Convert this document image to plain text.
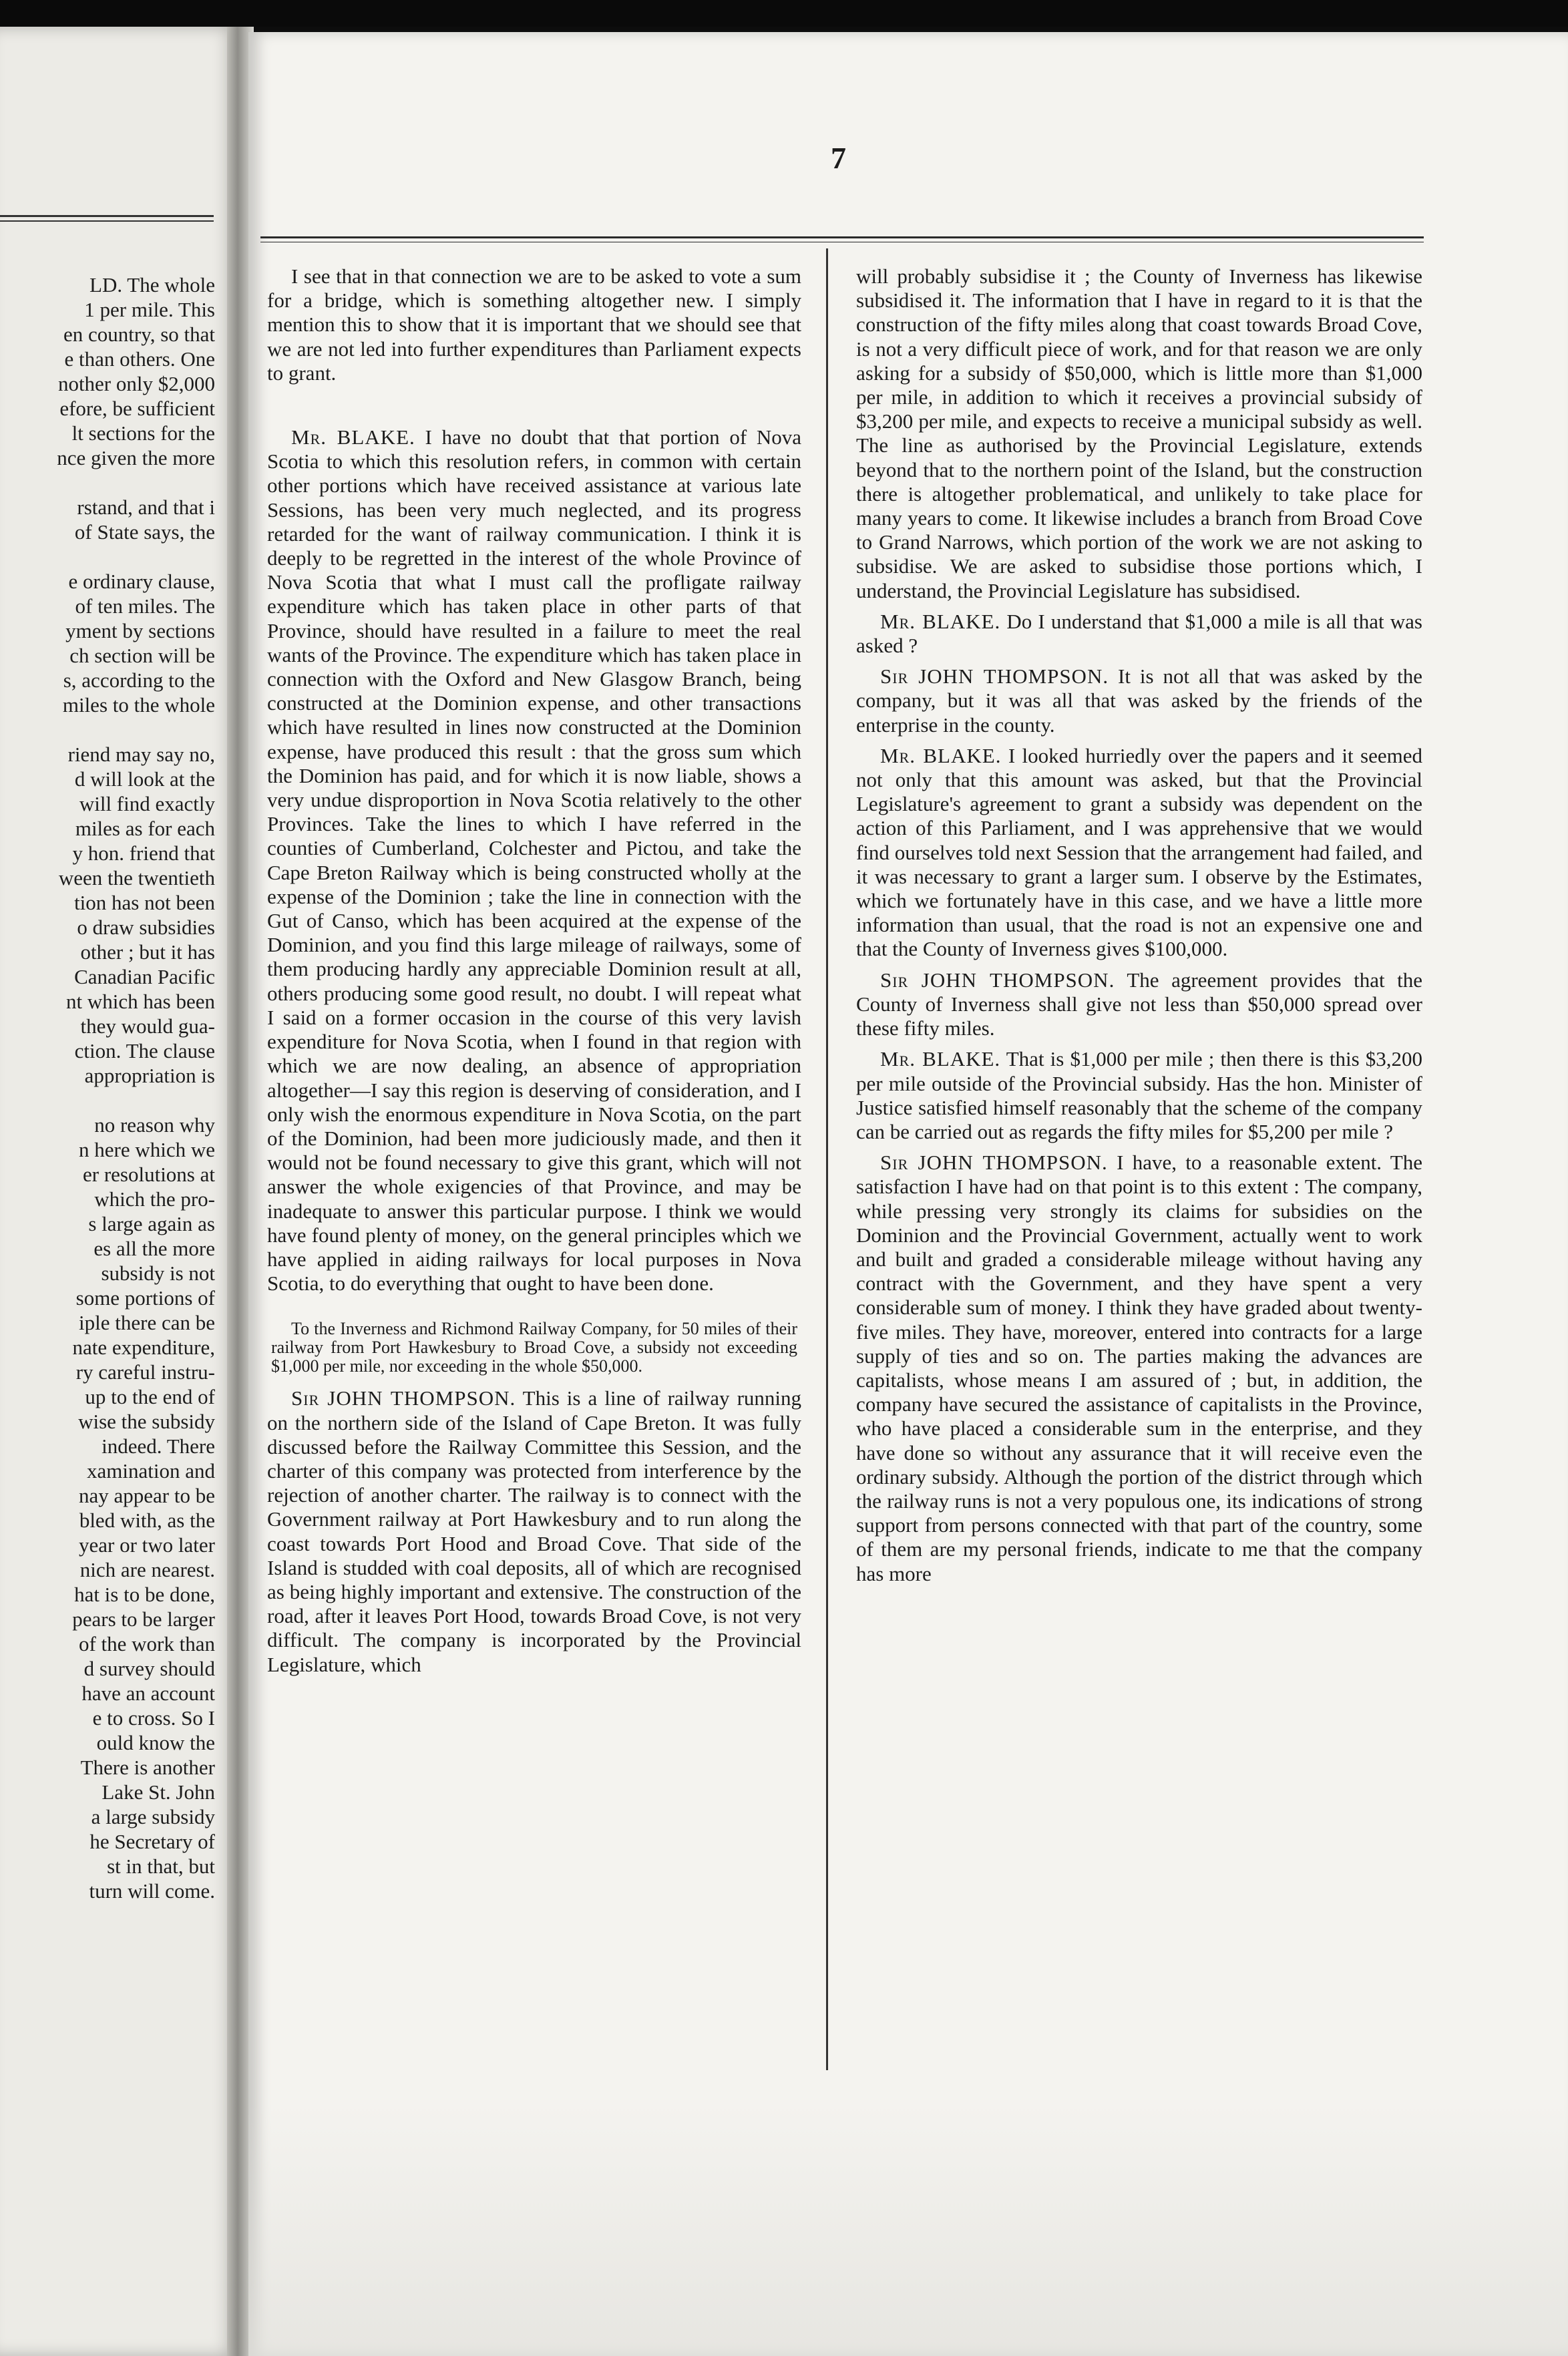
LD. The whole
1 per mile. This
en country, so that
e than others. One
nother only $2,000
efore, be sufficient
lt sections for the
nce given the more
rstand, and that i
of State says, the
e ordinary clause,
of ten miles. The
yment by sections
ch section will be
s, according to the
miles to the whole
riend may say no,
d will look at the
will find exactly
miles as for each
y hon. friend that
ween the twentieth
tion has not been
o draw subsidies
other ; but it has
Canadian Pacific
nt which has been
they would gua-
ction. The clause
appropriation is
no reason why
n here which we
er resolutions at
which the pro-
s large again as
es all the more
subsidy is not
some portions of
iple there can be
nate expenditure,
ry careful instru-
up to the end of
wise the subsidy
indeed. There
xamination and
nay appear to be
bled with, as the
year or two later
nich are nearest.
hat is to be done,
pears to be larger
of the work than
d survey should
have an account
e to cross. So I
ould know the
There is another
Lake St. John
a large subsidy
he Secretary of
st in that, but
turn will come.
7

I see that in that connection we are to be asked to vote a sum for a bridge, which is something altogether new. I simply mention this to show that it is important that we should see that we are not led into further expenditures than Parliament expects to grant.

Mr. BLAKE. I have no doubt that that portion of Nova Scotia to which this resolution refers, in common with certain other portions which have received assistance at various late Sessions, has been very much neglected, and its progress retarded for the want of railway communication. I think it is deeply to be regretted in the interest of the whole Province of Nova Scotia that what I must call the profligate railway expenditure which has taken place in other parts of that Province, should have resulted in a failure to meet the real wants of the Province. The expenditure which has taken place in connection with the Oxford and New Glasgow Branch, being constructed at the Dominion expense, and other transactions which have resulted in lines now constructed at the Dominion expense, have produced this result : that the gross sum which the Dominion has paid, and for which it is now liable, shows a very undue disproportion in Nova Scotia relatively to the other Provinces. Take the lines to which I have referred in the counties of Cumberland, Colchester and Pictou, and take the Cape Breton Railway which is being constructed wholly at the expense of the Dominion ; take the line in connection with the Gut of Canso, which has been acquired at the expense of the Dominion, and you find this large mileage of railways, some of them producing hardly any appreciable Dominion result at all, others producing some good result, no doubt. I will repeat what I said on a former occasion in the course of this very lavish expenditure for Nova Scotia, when I found in that region with which we are now dealing, an absence of appropriation altogether—I say this region is deserving of consideration, and I only wish the enormous expenditure in Nova Scotia, on the part of the Dominion, had been more judiciously made, and then it would not be found necessary to give this grant, which will not answer the whole exigencies of that Province, and may be inadequate to answer this particular purpose. I think we would have found plenty of money, on the general principles which we have applied in aiding railways for local purposes in Nova Scotia, to do everything that ought to have been done.

To the Inverness and Richmond Railway Company, for 50 miles of their railway from Port Hawkesbury to Broad Cove, a subsidy not exceeding $1,000 per mile, nor exceeding in the whole $50,000.

Sir JOHN THOMPSON. This is a line of railway running on the northern side of the Island of Cape Breton. It was fully discussed before the Railway Committee this Session, and the charter of this company was protected from interference by the rejection of another charter. The railway is to connect with the Government railway at Port Hawkesbury and to run along the coast towards Port Hood and Broad Cove. That side of the Island is studded with coal deposits, all of which are recognised as being highly important and extensive. The construction of the road, after it leaves Port Hood, towards Broad Cove, is not very difficult. The company is incorporated by the Provincial Legislature, which

will probably subsidise it ; the County of Inverness has likewise subsidised it. The information that I have in regard to it is that the construction of the fifty miles along that coast towards Broad Cove, is not a very difficult piece of work, and for that reason we are only asking for a subsidy of $50,000, which is little more than $1,000 per mile, in addition to which it receives a provincial subsidy of $3,200 per mile, and expects to receive a municipal subsidy as well. The line as authorised by the Provincial Legislature, extends beyond that to the northern point of the Island, but the construction there is altogether problematical, and unlikely to take place for many years to come. It likewise includes a branch from Broad Cove to Grand Narrows, which portion of the work we are not asking to subsidise. We are asked to subsidise those portions which, I understand, the Provincial Legislature has subsidised.

Mr. BLAKE. Do I understand that $1,000 a mile is all that was asked ?

Sir JOHN THOMPSON. It is not all that was asked by the company, but it was all that was asked by the friends of the enterprise in the county.

Mr. BLAKE. I looked hurriedly over the papers and it seemed not only that this amount was asked, but that the Provincial Legislature's agreement to grant a subsidy was dependent on the action of this Parliament, and I was apprehensive that we would find ourselves told next Session that the arrangement had failed, and it was necessary to grant a larger sum. I observe by the Estimates, which we fortunately have in this case, and we have a little more information than usual, that the road is not an expensive one and that the County of Inverness gives $100,000.

Sir JOHN THOMPSON. The agreement provides that the County of Inverness shall give not less than $50,000 spread over these fifty miles.

Mr. BLAKE. That is $1,000 per mile ; then there is this $3,200 per mile outside of the Provincial subsidy. Has the hon. Minister of Justice satisfied himself reasonably that the scheme of the company can be carried out as regards the fifty miles for $5,200 per mile ?

Sir JOHN THOMPSON. I have, to a reasonable extent. The satisfaction I have had on that point is to this extent : The company, while pressing very strongly its claims for subsidies on the Dominion and the Provincial Government, actually went to work and built and graded a considerable mileage without having any contract with the Government, and they have spent a very considerable sum of money. I think they have graded about twenty-five miles. They have, moreover, entered into contracts for a large supply of ties and so on. The parties making the advances are capitalists, whose means I am assured of ; but, in addition, the company have secured the assistance of capitalists in the Province, who have placed a considerable sum in the enterprise, and they have done so without any assurance that it will receive even the ordinary subsidy. Although the portion of the district through which the railway runs is not a very populous one, its indications of strong support from persons connected with that part of the country, some of them are my personal friends, indicate to me that the company has more
